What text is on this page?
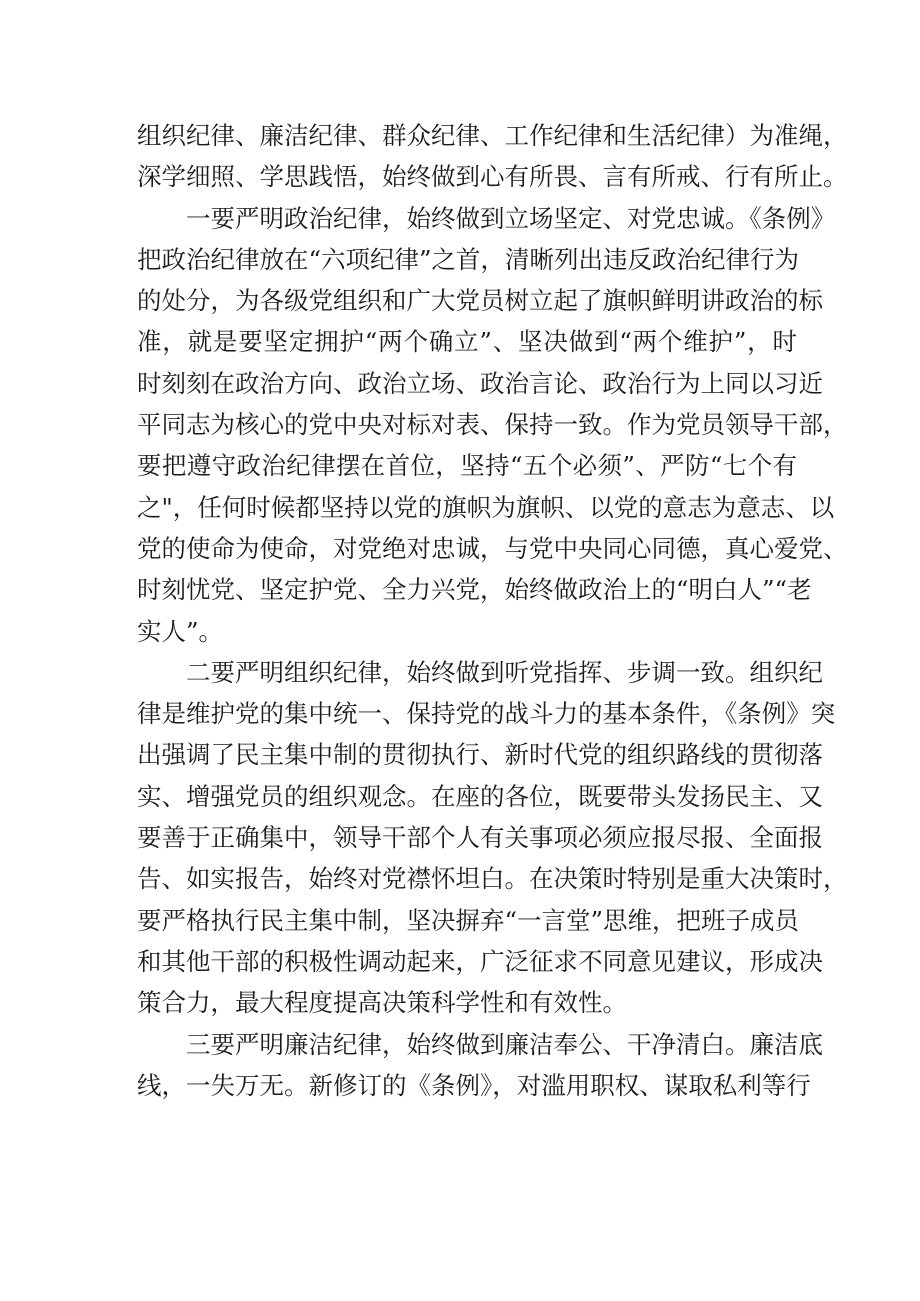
组织纪律、廉洁纪律、群众纪律、工作纪律和生活纪律）为准绳，
深学细照、学思践悟，始终做到心有所畏、言有所戒、行有所止。
一要严明政治纪律，始终做到立场坚定、对党忠诚。《条例》
把政治纪律放在“六项纪律”之首，清晰列出违反政治纪律行为
的处分，为各级党组织和广大党员树立起了旗帜鲜明讲政治的标
准，就是要坚定拥护“两个确立”、坚决做到“两个维护”，时
时刻刻在政治方向、政治立场、政治言论、政治行为上同以习近
平同志为核心的党中央对标对表、保持一致。作为党员领导干部，
要把遵守政治纪律摆在首位，坚持“五个必须”、严防“七个有
之"，任何时候都坚持以党的旗帜为旗帜、以党的意志为意志、以
党的使命为使命，对党绝对忠诚，与党中央同心同德，真心爱党、
时刻忧党、坚定护党、全力兴党，始终做政治上的“明白人”“老
实人”。
二要严明组织纪律，始终做到听党指挥、步调一致。组织纪
律是维护党的集中统一、保持党的战斗力的基本条件，《条例》突
出强调了民主集中制的贯彻执行、新时代党的组织路线的贯彻落
实、增强党员的组织观念。在座的各位，既要带头发扬民主、又
要善于正确集中，领导干部个人有关事项必须应报尽报、全面报
告、如实报告，始终对党襟怀坦白。在决策时特别是重大决策时，
要严格执行民主集中制，坚决摒弃“一言堂”思维，把班子成员
和其他干部的积极性调动起来，广泛征求不同意见建议，形成决
策合力，最大程度提高决策科学性和有效性。
三要严明廉洁纪律，始终做到廉洁奉公、干净清白。廉洁底
线，一失万无。新修订的《条例》，对滥用职权、谋取私利等行
